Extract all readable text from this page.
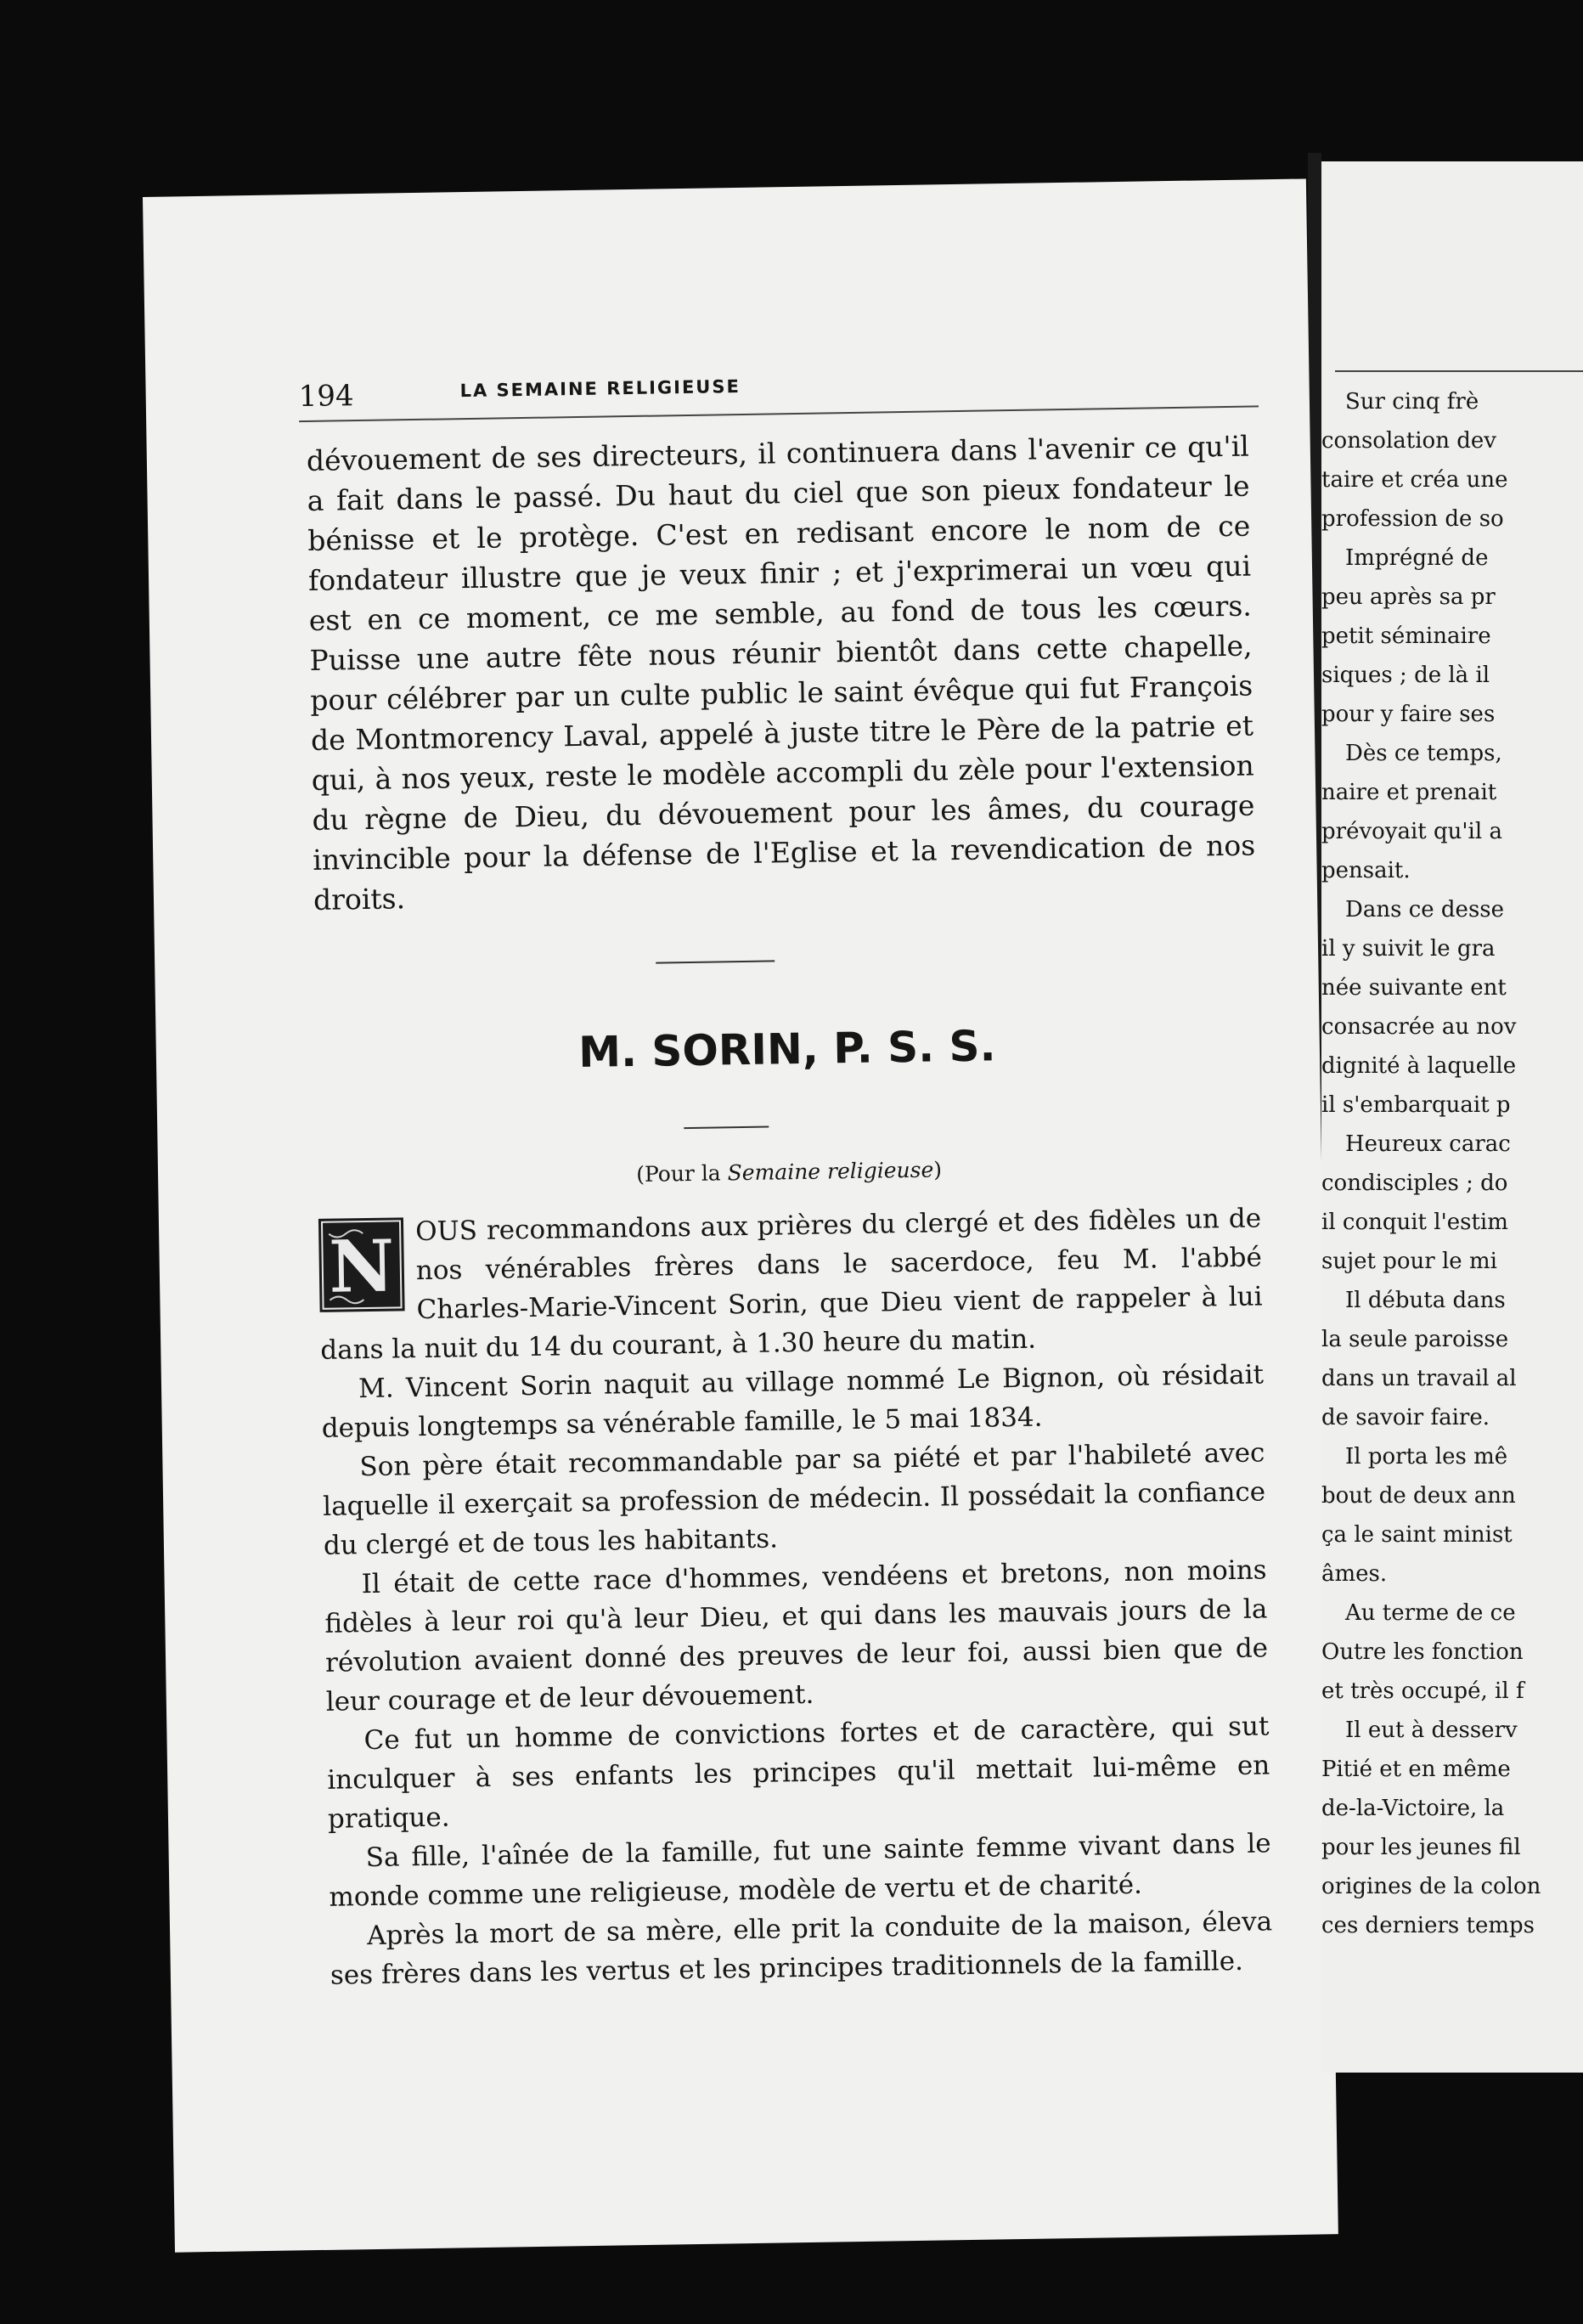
194	LA SEMAINE RELIGIEUSE

dévouement de ses directeurs, il continuera dans l'avenir ce qu'il a fait dans le passé. Du haut du ciel que son pieux fondateur le bénisse et le protège. C'est en redisant encore le nom de ce fondateur illustre que je veux finir ; et j'exprimerai un vœu qui est en ce moment, ce me semble, au fond de tous les cœurs. Puisse une autre fête nous réunir bientôt dans cette chapelle, pour célébrer par un culte public le saint évêque qui fut François de Montmorency Laval, appelé à juste titre le Père de la patrie et qui, à nos yeux, reste le modèle accompli du zèle pour l'extension du règne de Dieu, du dévouement pour les âmes, du courage invincible pour la défense de l'Eglise et la revendication de nos droits.

M. SORIN, P. S. S.
(Pour la Semaine religieuse)

N OUS recommandons aux prières du clergé et des fidèles un de nos vénérables frères dans le sacerdoce, feu M. l'abbé Charles-Marie-Vincent Sorin, que Dieu vient de rappeler à lui dans la nuit du 14 du courant, à 1.30 heure du matin.

M. Vincent Sorin naquit au village nommé Le Bignon, où résidait depuis longtemps sa vénérable famille, le 5 mai 1834.

Son père était recommandable par sa piété et par l'habileté avec laquelle il exerçait sa profession de médecin. Il possédait la confiance du clergé et de tous les habitants.

Il était de cette race d'hommes, vendéens et bretons, non moins fidèles à leur roi qu'à leur Dieu, et qui dans les mauvais jours de la révolution avaient donné des preuves de leur foi, aussi bien que de leur courage et de leur dévouement.

Ce fut un homme de convictions fortes et de caractère, qui sut inculquer à ses enfants les principes qu'il mettait lui-même en pratique.

Sa fille, l'aînée de la famille, fut une sainte femme vivant dans le monde comme une religieuse, modèle de vertu et de charité.

Après la mort de sa mère, elle prit la conduite de la maison, éleva ses frères dans les vertus et les principes traditionnels de la famille.

Sur cinq frè
consolation dev
taire et créa une
profession de so
Imprégné de
peu après sa pr
petit séminaire
siques ; de là il
pour y faire ses
Dès ce temps,
naire et prenait
prévoyait qu'il a
pensait.
Dans ce desse
il y suivit le gra
née suivante ent
consacrée au nov
dignité à laquelle
il s'embarquait p
Heureux carac
condisciples ; do
il conquit l'estim
sujet pour le mi
Il débuta dans
la seule paroisse
dans un travail al
de savoir faire.
Il porta les mê
bout de deux ann
ça le saint minist
âmes.
Au terme de ce
Outre les fonction
et très occupé, il f
Il eut à desserv
Pitié et en même
de-la-Victoire, la
pour les jeunes fil
origines de la colon
ces derniers temps
